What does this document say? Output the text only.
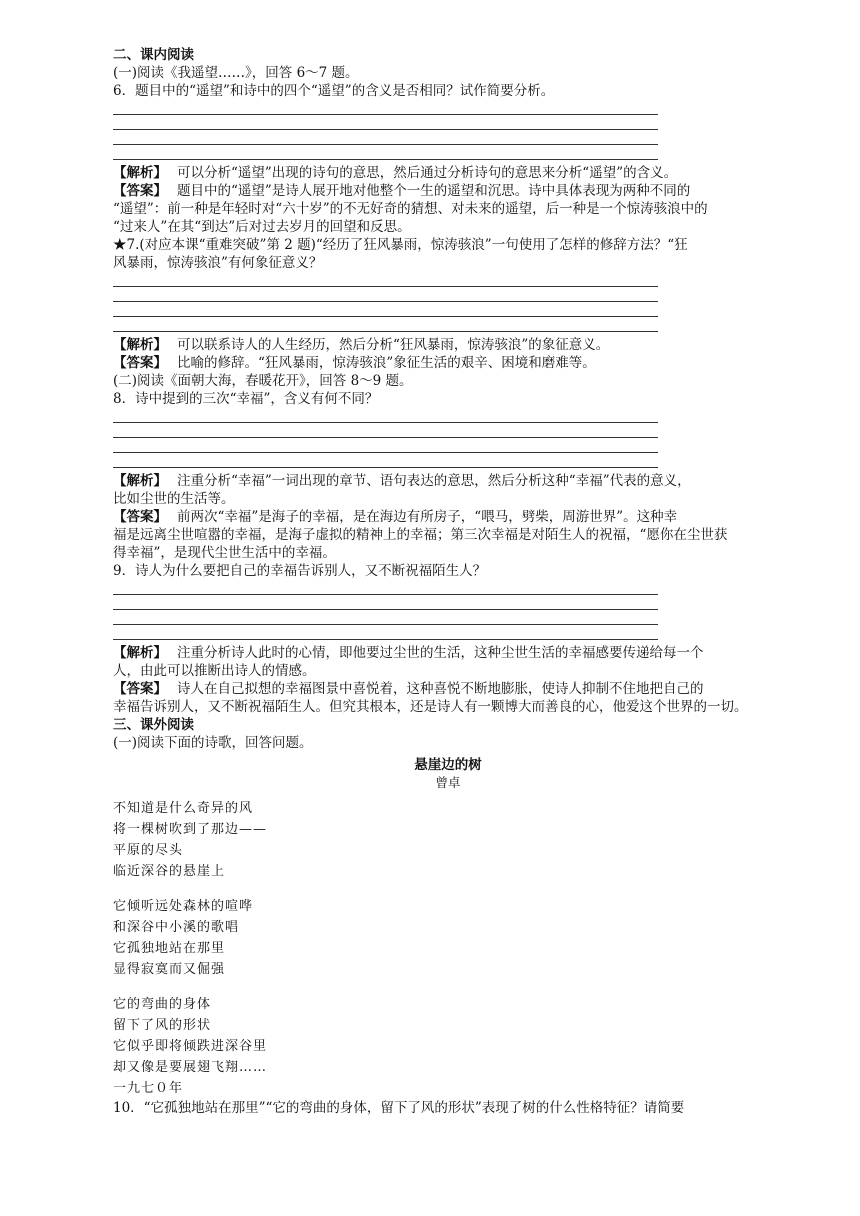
二、课内阅读
(一)阅读《我遥望……》，回答 6～7 题。
6．题目中的“遥望”和诗中的四个“遥望”的含义是否相同？试作简要分析。
【解析】 可以分析“遥望”出现的诗句的意思，然后通过分析诗句的意思来分析“遥望”的含义。
【答案】 题目中的“遥望”是诗人展开地对他整个一生的遥望和沉思。诗中具体表现为两种不同的
“遥望”：前一种是年轻时对“六十岁”的不无好奇的猜想、对未来的遥望，后一种是一个惊涛骇浪中的
“过来人”在其“到达”后对过去岁月的回望和反思。
★7.(对应本课“重难突破”第 2 题)“经历了狂风暴雨，惊涛骇浪”一句使用了怎样的修辞方法？“狂
风暴雨，惊涛骇浪”有何象征意义？
【解析】 可以联系诗人的人生经历，然后分析“狂风暴雨，惊涛骇浪”的象征意义。
【答案】 比喻的修辞。“狂风暴雨，惊涛骇浪”象征生活的艰辛、困境和磨难等。
(二)阅读《面朝大海，春暖花开》，回答 8～9 题。
8．诗中提到的三次“幸福”，含义有何不同？
【解析】 注重分析“幸福”一词出现的章节、语句表达的意思，然后分析这种“幸福”代表的意义，
比如尘世的生活等。
【答案】 前两次“幸福”是海子的幸福，是在海边有所房子，“喂马，劈柴，周游世界”。这种幸
福是远离尘世喧嚣的幸福，是海子虚拟的精神上的幸福；第三次幸福是对陌生人的祝福，“愿你在尘世获
得幸福”，是现代尘世生活中的幸福。
9．诗人为什么要把自己的幸福告诉别人，又不断祝福陌生人？
【解析】 注重分析诗人此时的心情，即他要过尘世的生活，这种尘世生活的幸福感要传递给每一个
人，由此可以推断出诗人的情感。
【答案】 诗人在自己拟想的幸福图景中喜悦着，这种喜悦不断地膨胀，使诗人抑制不住地把自己的
幸福告诉别人，又不断祝福陌生人。但究其根本，还是诗人有一颗博大而善良的心，他爱这个世界的一切。
三、课外阅读
(一)阅读下面的诗歌，回答问题。
悬崖边的树
曾卓
不知道是什么奇异的风
将一棵树吹到了那边——
平原的尽头
临近深谷的悬崖上
它倾听远处森林的喧哗
和深谷中小溪的歌唱
它孤独地站在那里
显得寂寞而又倔强
它的弯曲的身体
留下了风的形状
它似乎即将倾跌进深谷里
却又像是要展翅飞翔……
一九七０年
10．“它孤独地站在那里”“它的弯曲的身体，留下了风的形状”表现了树的什么性格特征？请简要
